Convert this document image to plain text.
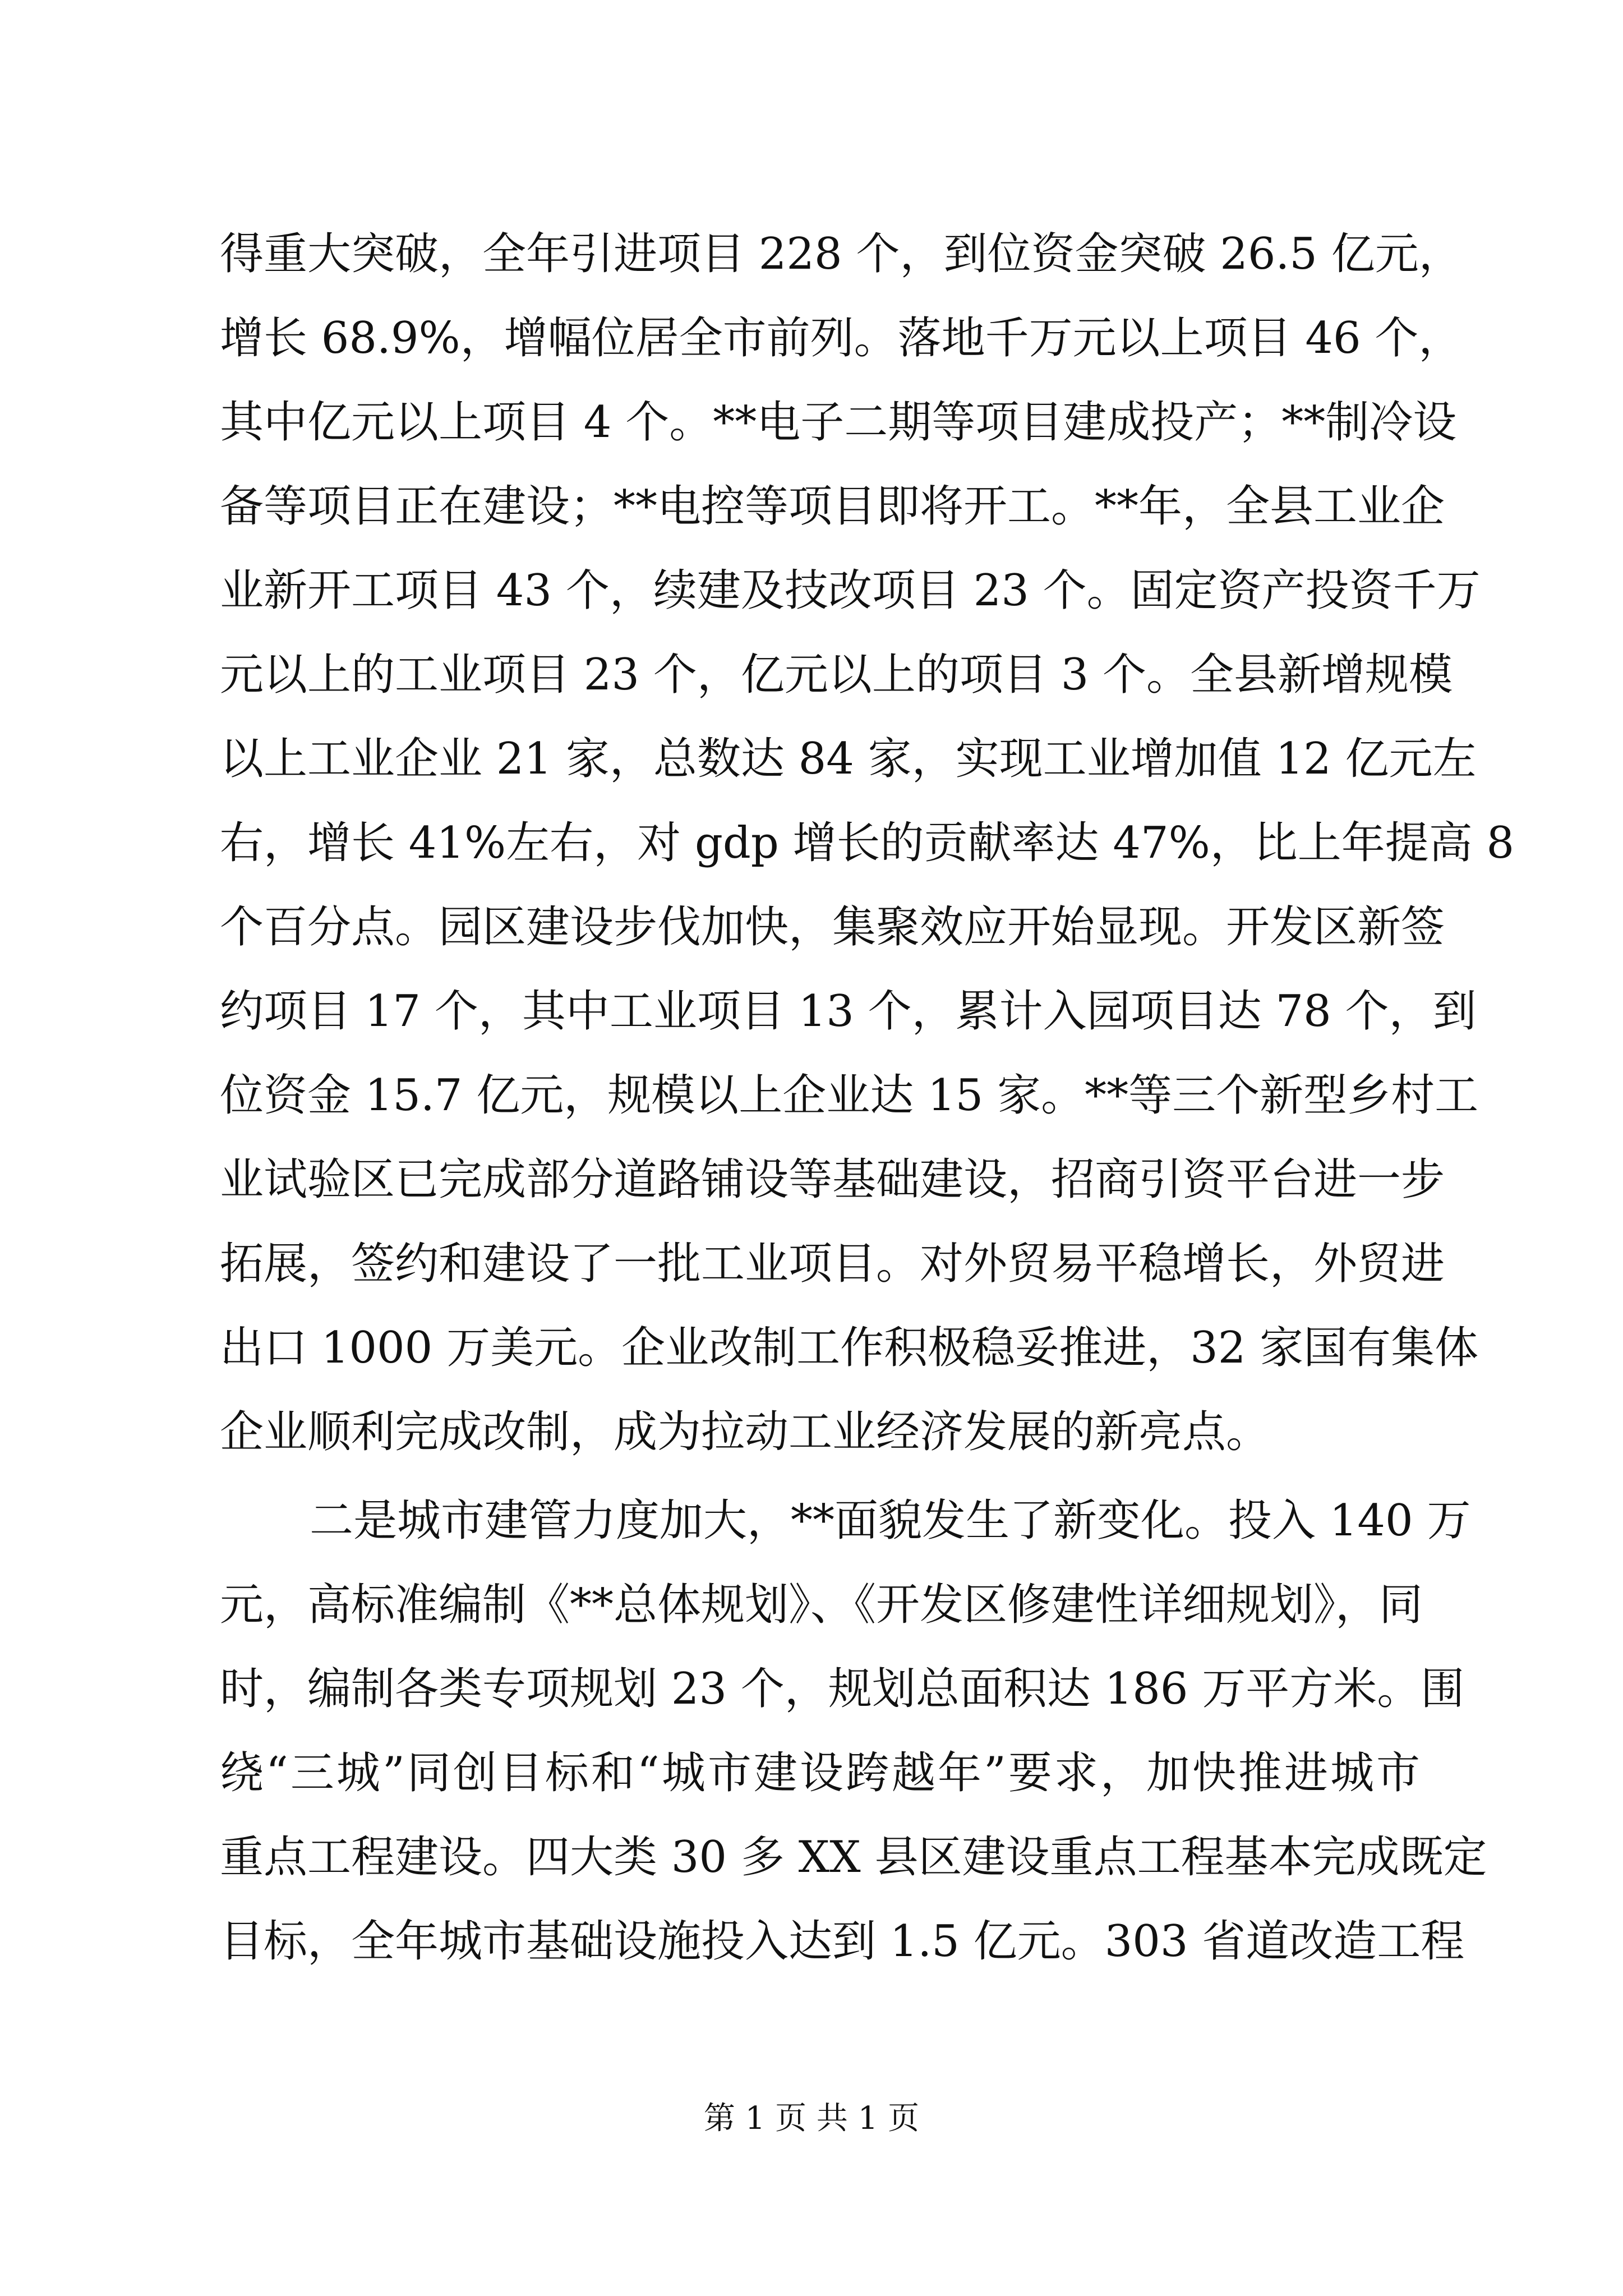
得重大突破，全年引进项目 228 个，到位资金突破 26.5 亿元，
增长 68.9%，增幅位居全市前列。落地千万元以上项目 46 个，
其中亿元以上项目 4 个。**电子二期等项目建成投产；**制冷设
备等项目正在建设；**电控等项目即将开工。**年，全县工业企
业新开工项目 43 个，续建及技改项目 23 个。固定资产投资千万
元以上的工业项目 23 个，亿元以上的项目 3 个。全县新增规模
以上工业企业 21 家，总数达 84 家，实现工业增加值 12 亿元左
右，增长 41%左右，对 gdp 增长的贡献率达 47%，比上年提高 8
个百分点。园区建设步伐加快，集聚效应开始显现。开发区新签
约项目 17 个，其中工业项目 13 个，累计入园项目达 78 个，到
位资金 15.7 亿元，规模以上企业达 15 家。**等三个新型乡村工
业试验区已完成部分道路铺设等基础建设，招商引资平台进一步
拓展，签约和建设了一批工业项目。对外贸易平稳增长，外贸进
出口 1000 万美元。企业改制工作积极稳妥推进，32 家国有集体
企业顺利完成改制，成为拉动工业经济发展的新亮点。
二是城市建管力度加大，**面貌发生了新变化。投入 140 万
元，高标准编制《**总体规划》、《开发区修建性详细规划》，同
时，编制各类专项规划 23 个，规划总面积达 186 万平方米。围
绕“三城”同创目标和“城市建设跨越年”要求，加快推进城市
重点工程建设。四大类 30 多 XX 县区建设重点工程基本完成既定
目标，全年城市基础设施投入达到 1.5 亿元。303 省道改造工程
第 1 页 共 1 页
